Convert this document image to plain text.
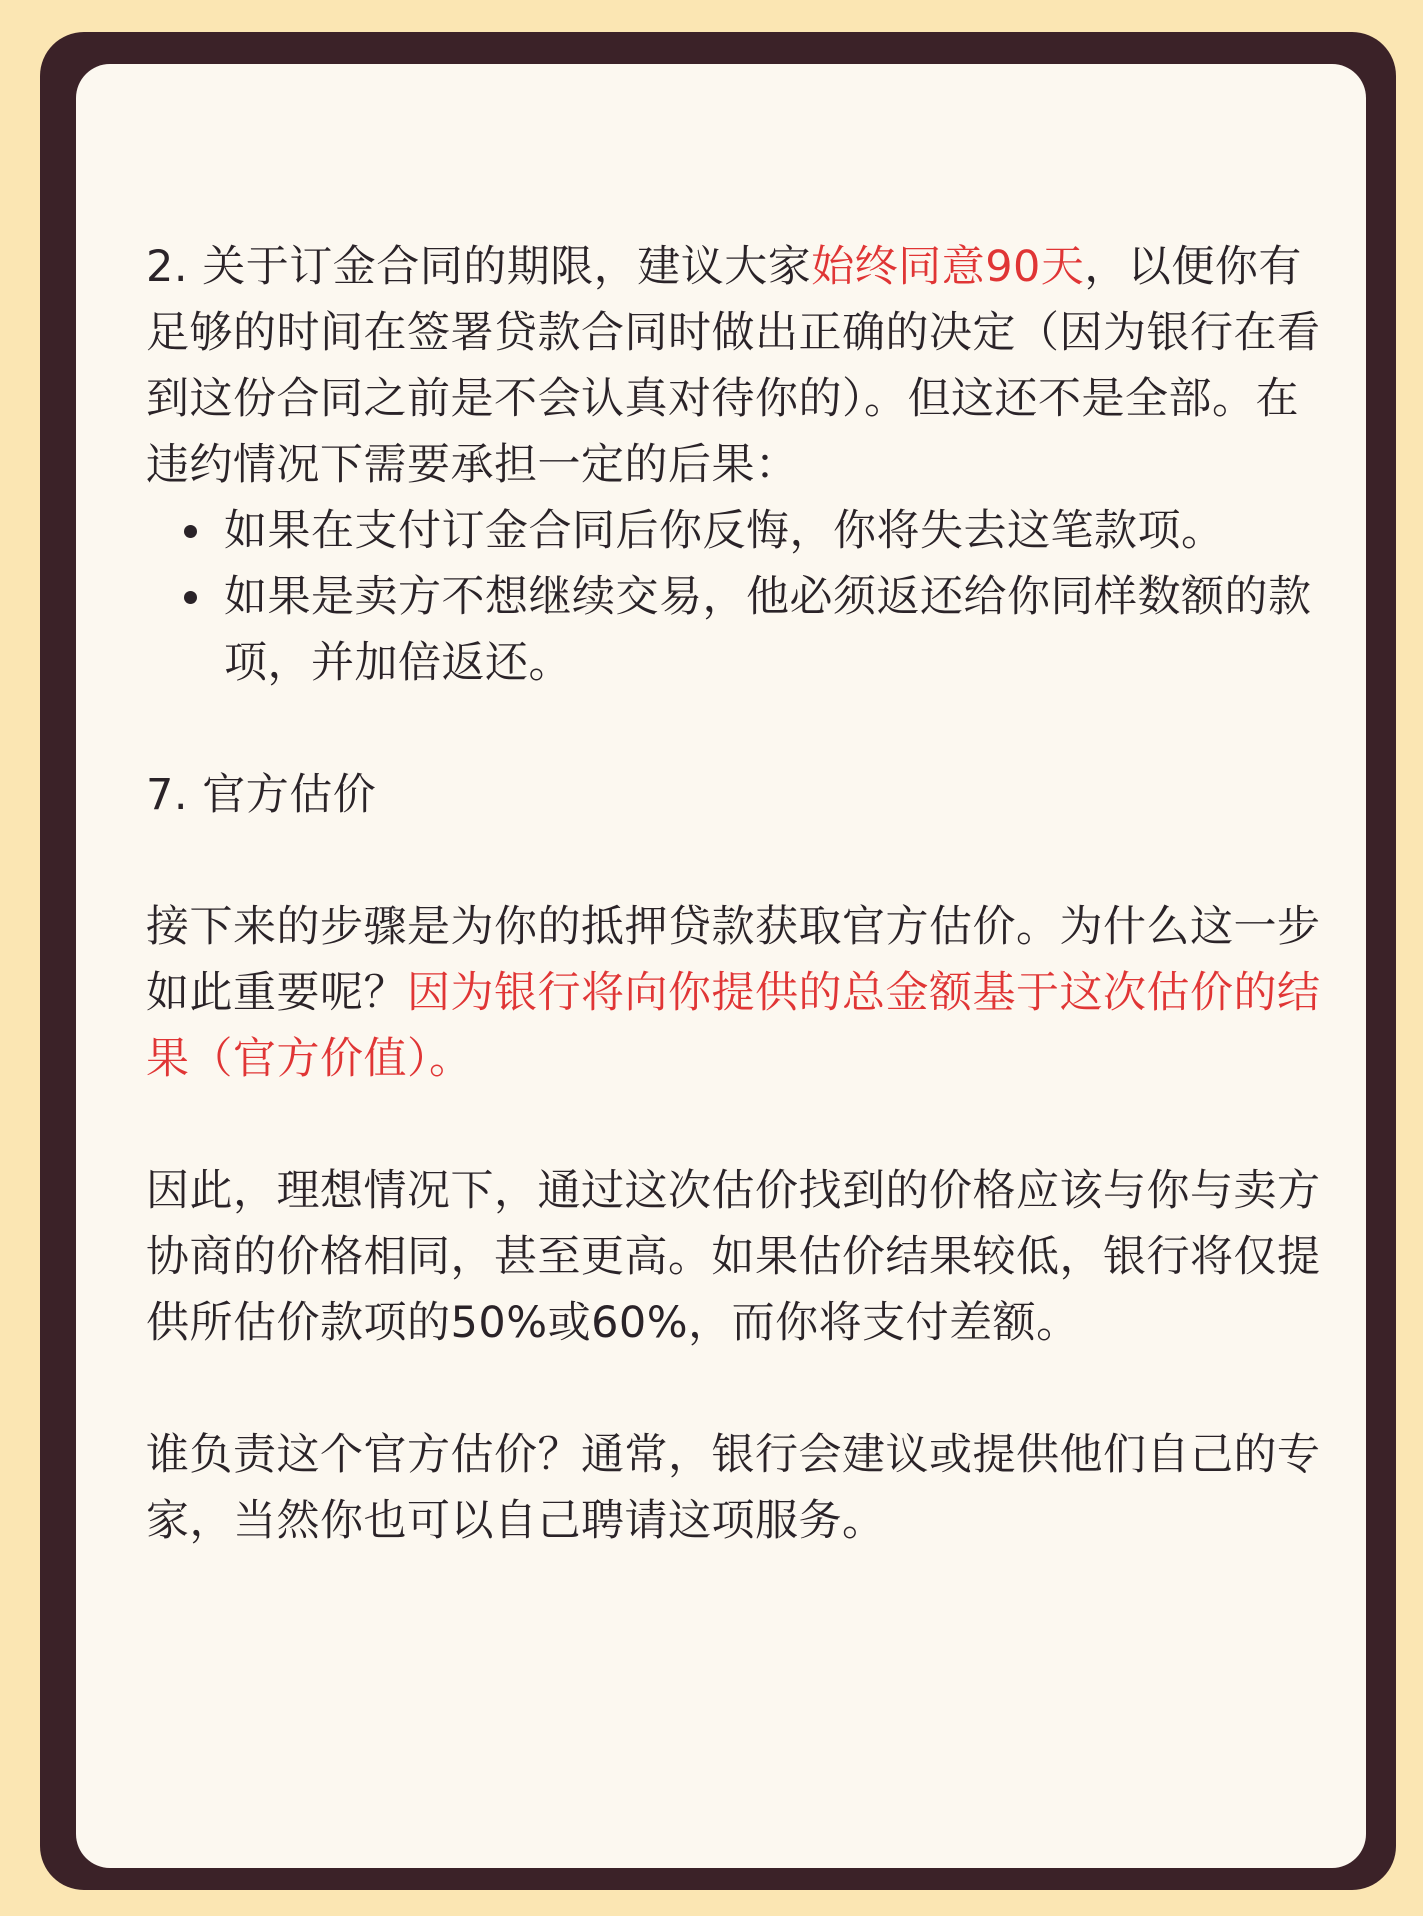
2. 关于订金合同的期限，建议大家始终同意90天，以便你有足够的时间在签署贷款合同时做出正确的决定（因为银行在看到这份合同之前是不会认真对待你的）。但这还不是全部。在违约情况下需要承担一定的后果：

如果在支付订金合同后你反悔，你将失去这笔款项。
如果是卖方不想继续交易，他必须返还给你同样数额的款项，并加倍返还。

7. 官方估价

接下来的步骤是为你的抵押贷款获取官方估价。为什么这一步如此重要呢？因为银行将向你提供的总金额基于这次估价的结果（官方价值）。

因此，理想情况下，通过这次估价找到的价格应该与你与卖方协商的价格相同，甚至更高。如果估价结果较低，银行将仅提供所估价款项的50%或60%，而你将支付差额。

谁负责这个官方估价？通常，银行会建议或提供他们自己的专家，当然你也可以自己聘请这项服务。
